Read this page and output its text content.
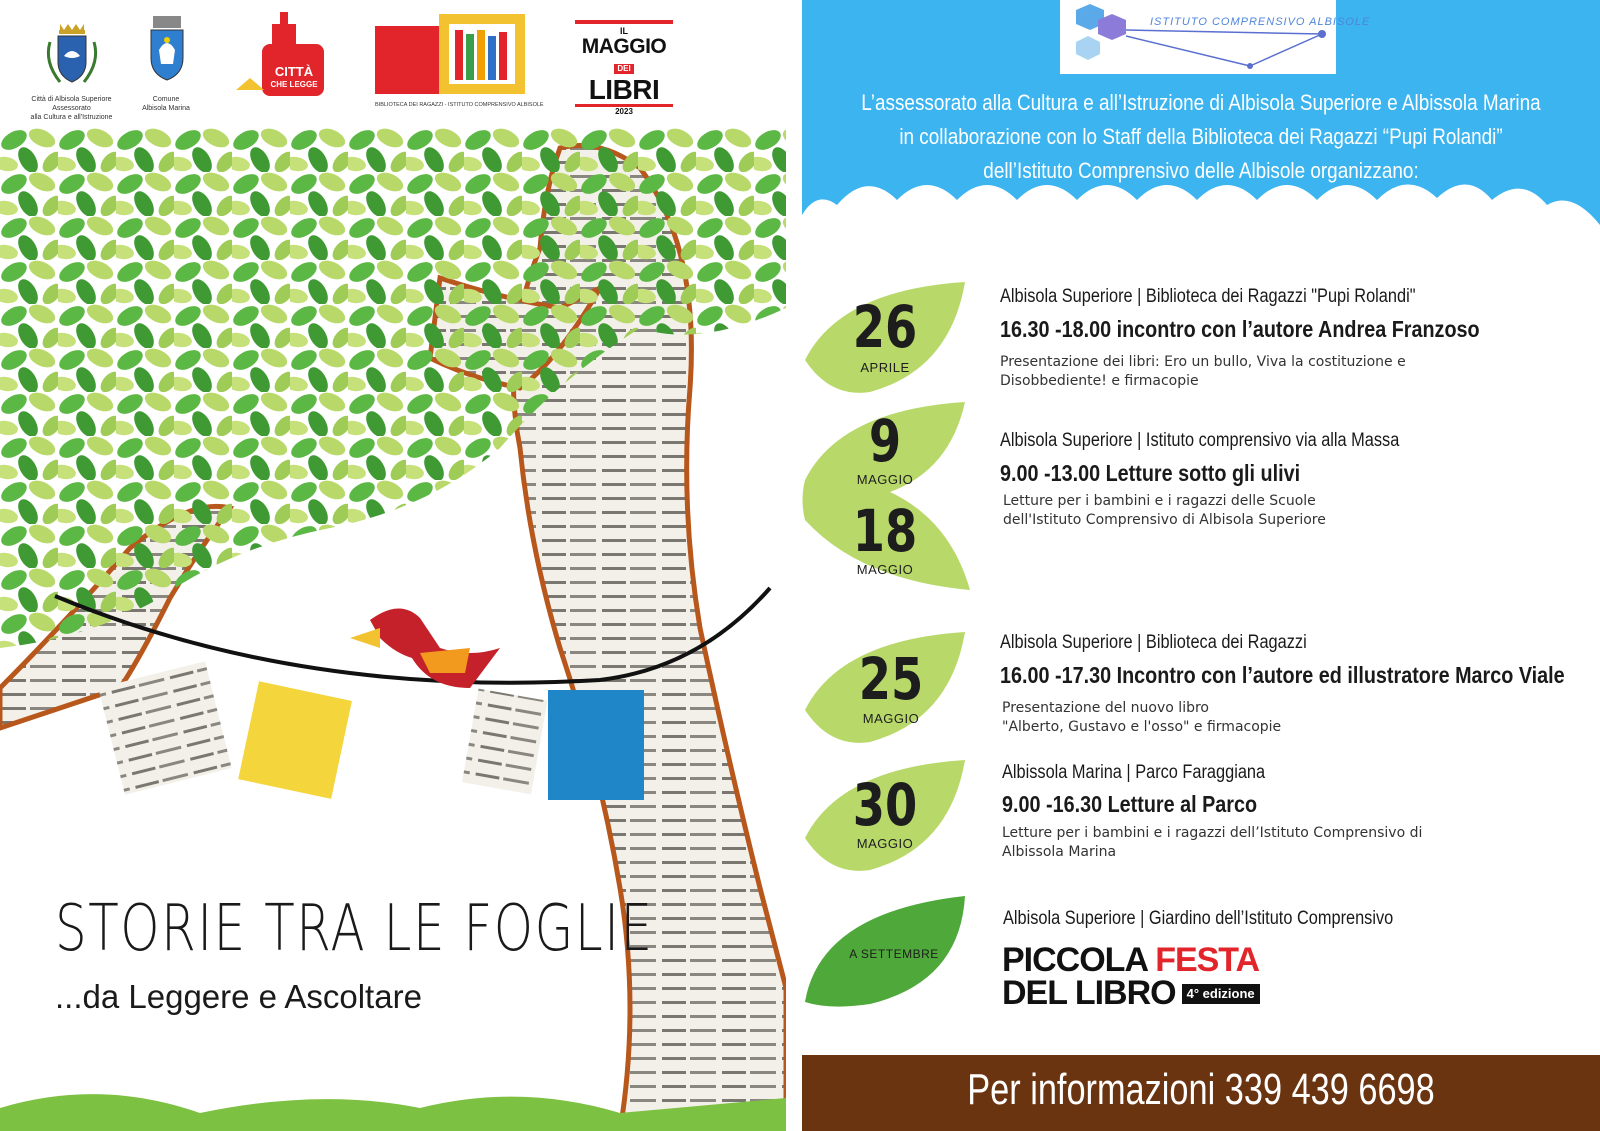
Città di Albisola Superiore Assessorato
alla Cultura e all'Istruzione
Comune
Albisola Marina
CITTÀ
CHE LEGGE
BIBLIOTECA DEI RAGAZZI - ISTITUTO COMPRENSIVO ALBISOLE
IL
MAGGIO
DEI
LIBRI
2023
STORIE TRA LE FOGLIE
...da Leggere e Ascoltare
ISTITUTO COMPRENSIVO ALBISOLE
L’assessorato alla Cultura e all’Istruzione di Albisola Superiore e Albissola Marina
in collaborazione con lo Staff della Biblioteca dei Ragazzi “Pupi Rolandi”
dell’Istituto Comprensivo delle Albisole organizzano:
26
APRILE
Albisola Superiore | Biblioteca dei Ragazzi "Pupi Rolandi"
16.30 -18.00 incontro con l’autore Andrea Franzoso
Presentazione dei libri: Ero un bullo, Viva la costituzione e
Disobbediente! e firmacopie
9
MAGGIO
18
MAGGIO
Albisola Superiore | Istituto comprensivo via alla Massa
9.00 -13.00 Letture sotto gli ulivi
Letture per i bambini e i ragazzi delle Scuole
dell'Istituto Comprensivo di Albisola Superiore
25
MAGGIO
Albisola Superiore | Biblioteca dei Ragazzi
16.00 -17.30 Incontro con l’autore ed illustratore Marco Viale
Presentazione del nuovo libro
"Alberto, Gustavo e l'osso" e firmacopie
30
MAGGIO
Albissola Marina | Parco Faraggiana
9.00 -16.30 Letture al Parco
Letture per i bambini e i ragazzi dell’Istituto Comprensivo di
Albissola Marina
A SETTEMBRE
Albisola Superiore | Giardino dell’Istituto Comprensivo
PICCOLA FESTA
DEL LIBRO 4° edizione
Per informazioni 339 439 6698
